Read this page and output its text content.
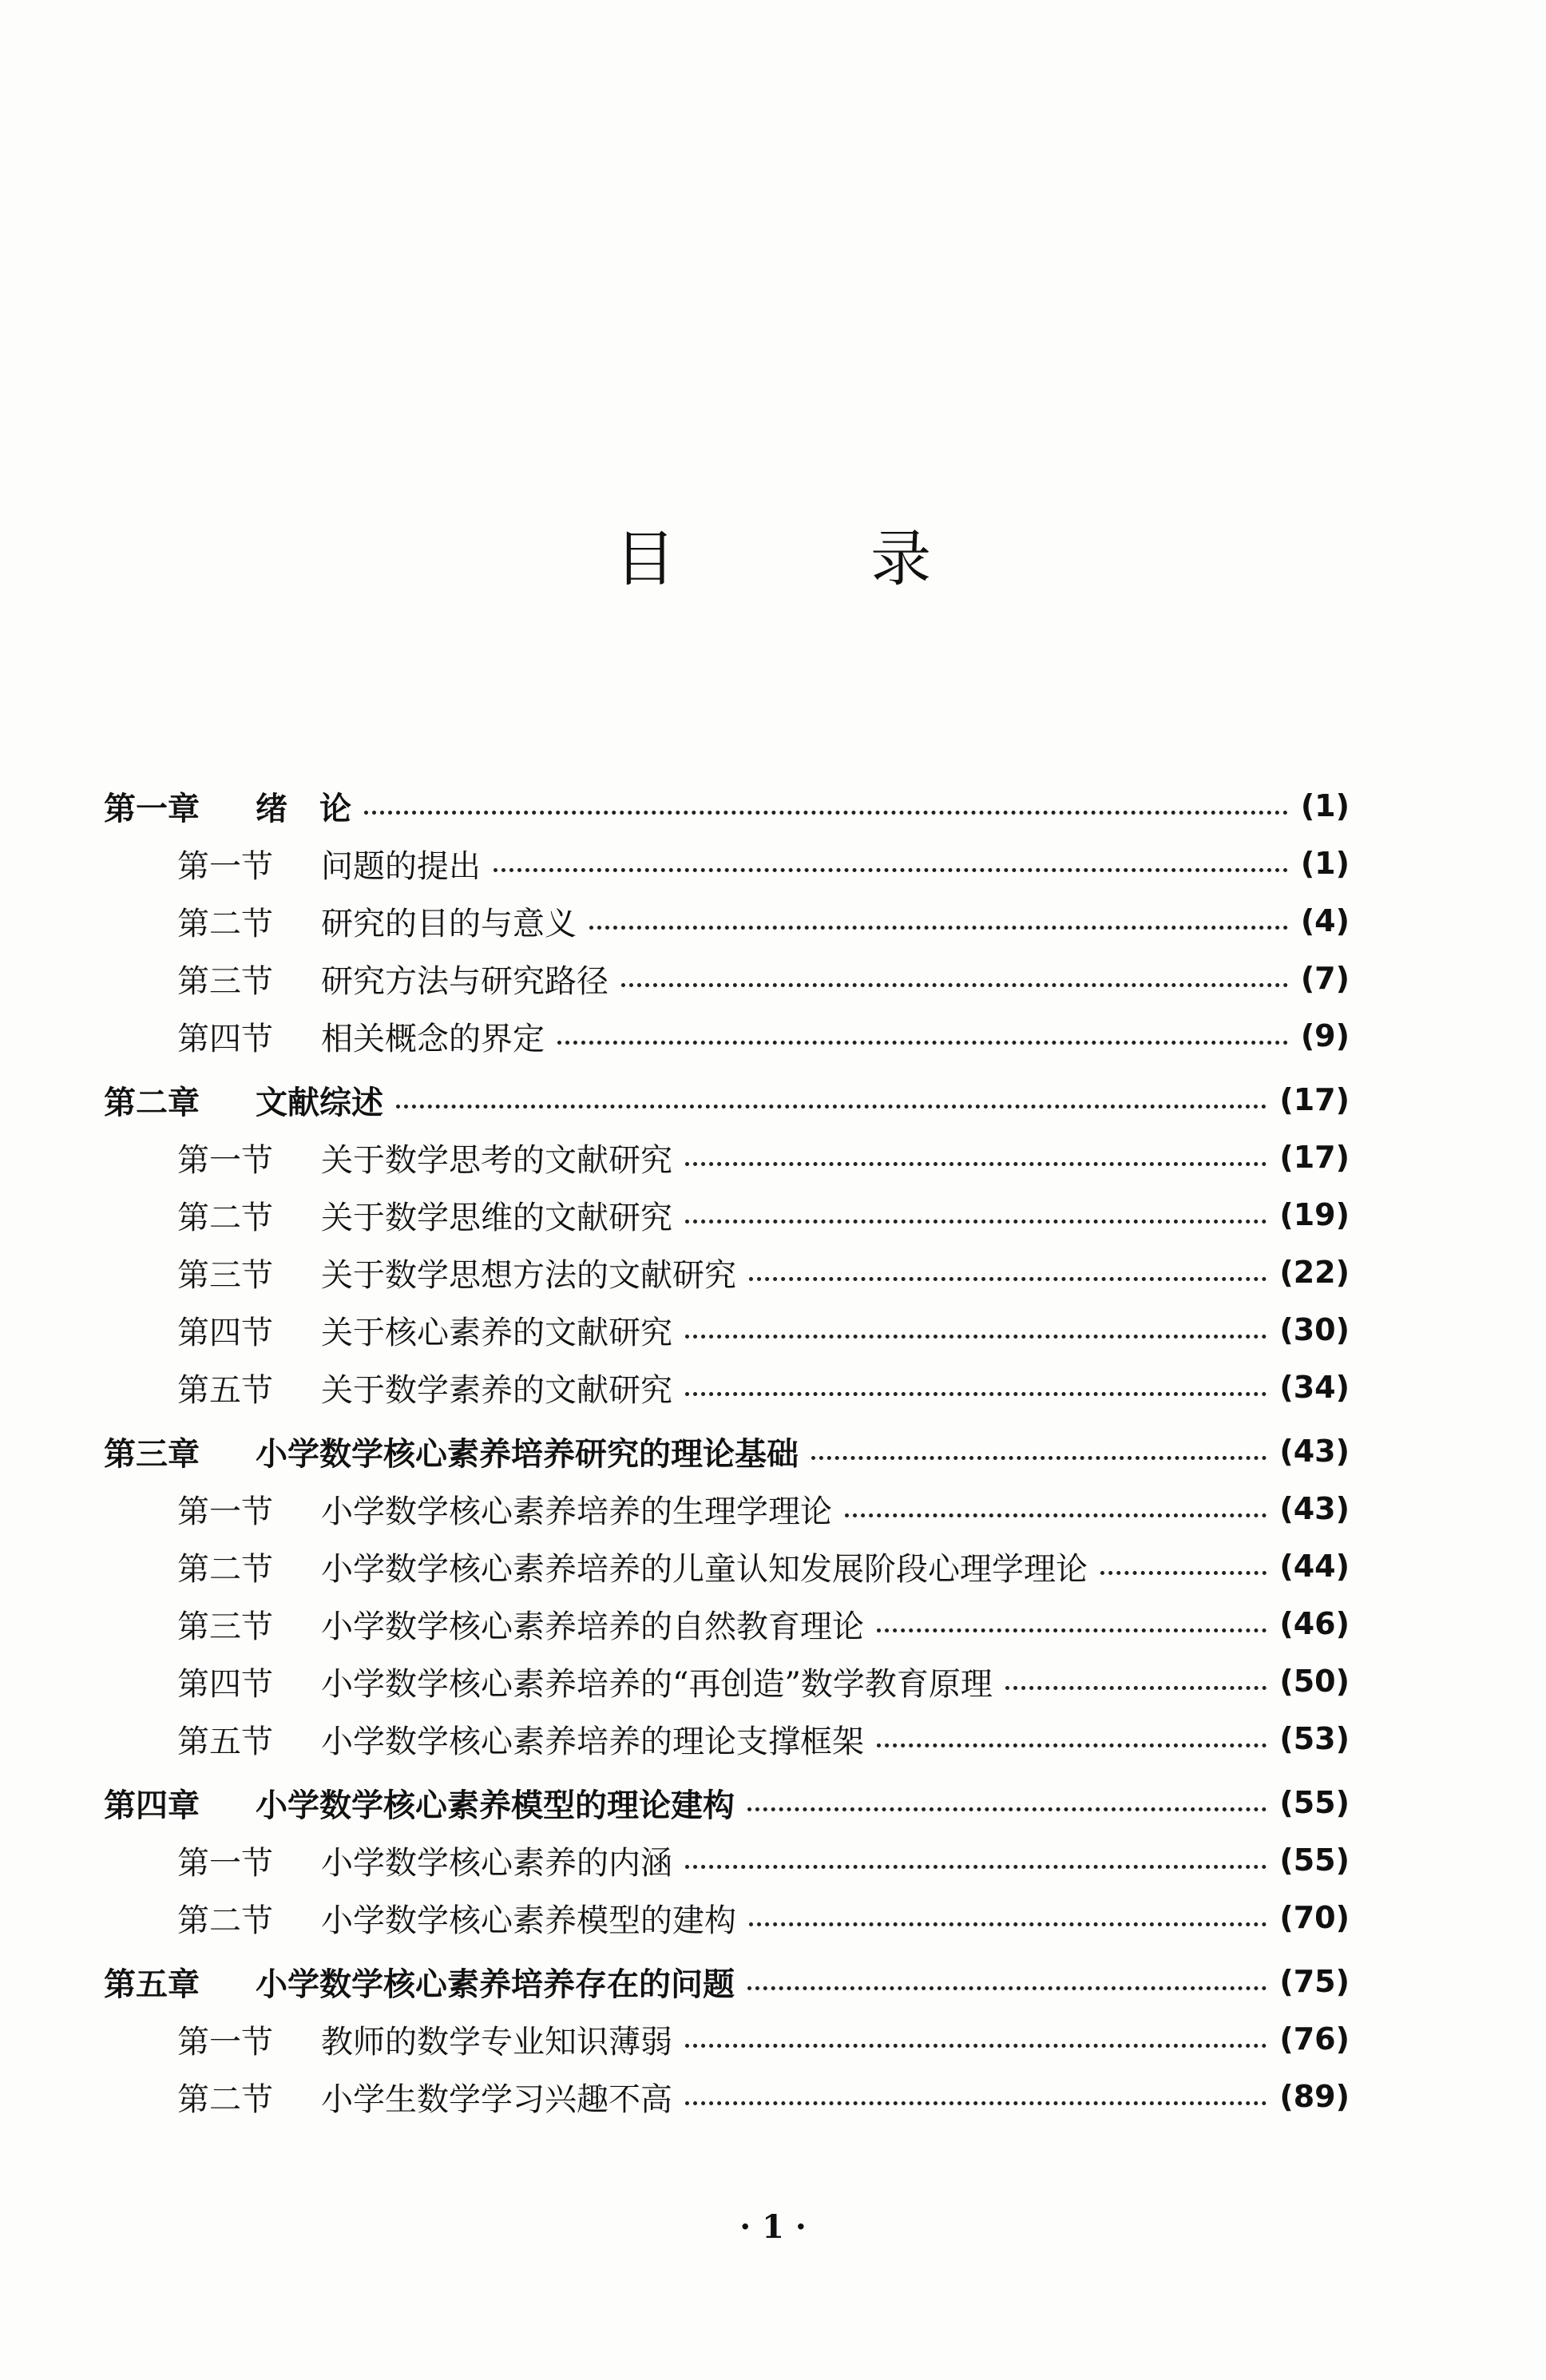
目 录
第一章	绪　论	(1)
第一节	问题的提出	(1)
第二节	研究的目的与意义	(4)
第三节	研究方法与研究路径	(7)
第四节	相关概念的界定	(9)
第二章	文献综述	(17)
第一节	关于数学思考的文献研究	(17)
第二节	关于数学思维的文献研究	(19)
第三节	关于数学思想方法的文献研究	(22)
第四节	关于核心素养的文献研究	(30)
第五节	关于数学素养的文献研究	(34)
第三章	小学数学核心素养培养研究的理论基础	(43)
第一节	小学数学核心素养培养的生理学理论	(43)
第二节	小学数学核心素养培养的儿童认知发展阶段心理学理论	(44)
第三节	小学数学核心素养培养的自然教育理论	(46)
第四节	小学数学核心素养培养的“再创造”数学教育原理	(50)
第五节	小学数学核心素养培养的理论支撑框架	(53)
第四章	小学数学核心素养模型的理论建构	(55)
第一节	小学数学核心素养的内涵	(55)
第二节	小学数学核心素养模型的建构	(70)
第五章	小学数学核心素养培养存在的问题	(75)
第一节	教师的数学专业知识薄弱	(76)
第二节	小学生数学学习兴趣不高	(89)
· 1 ·
